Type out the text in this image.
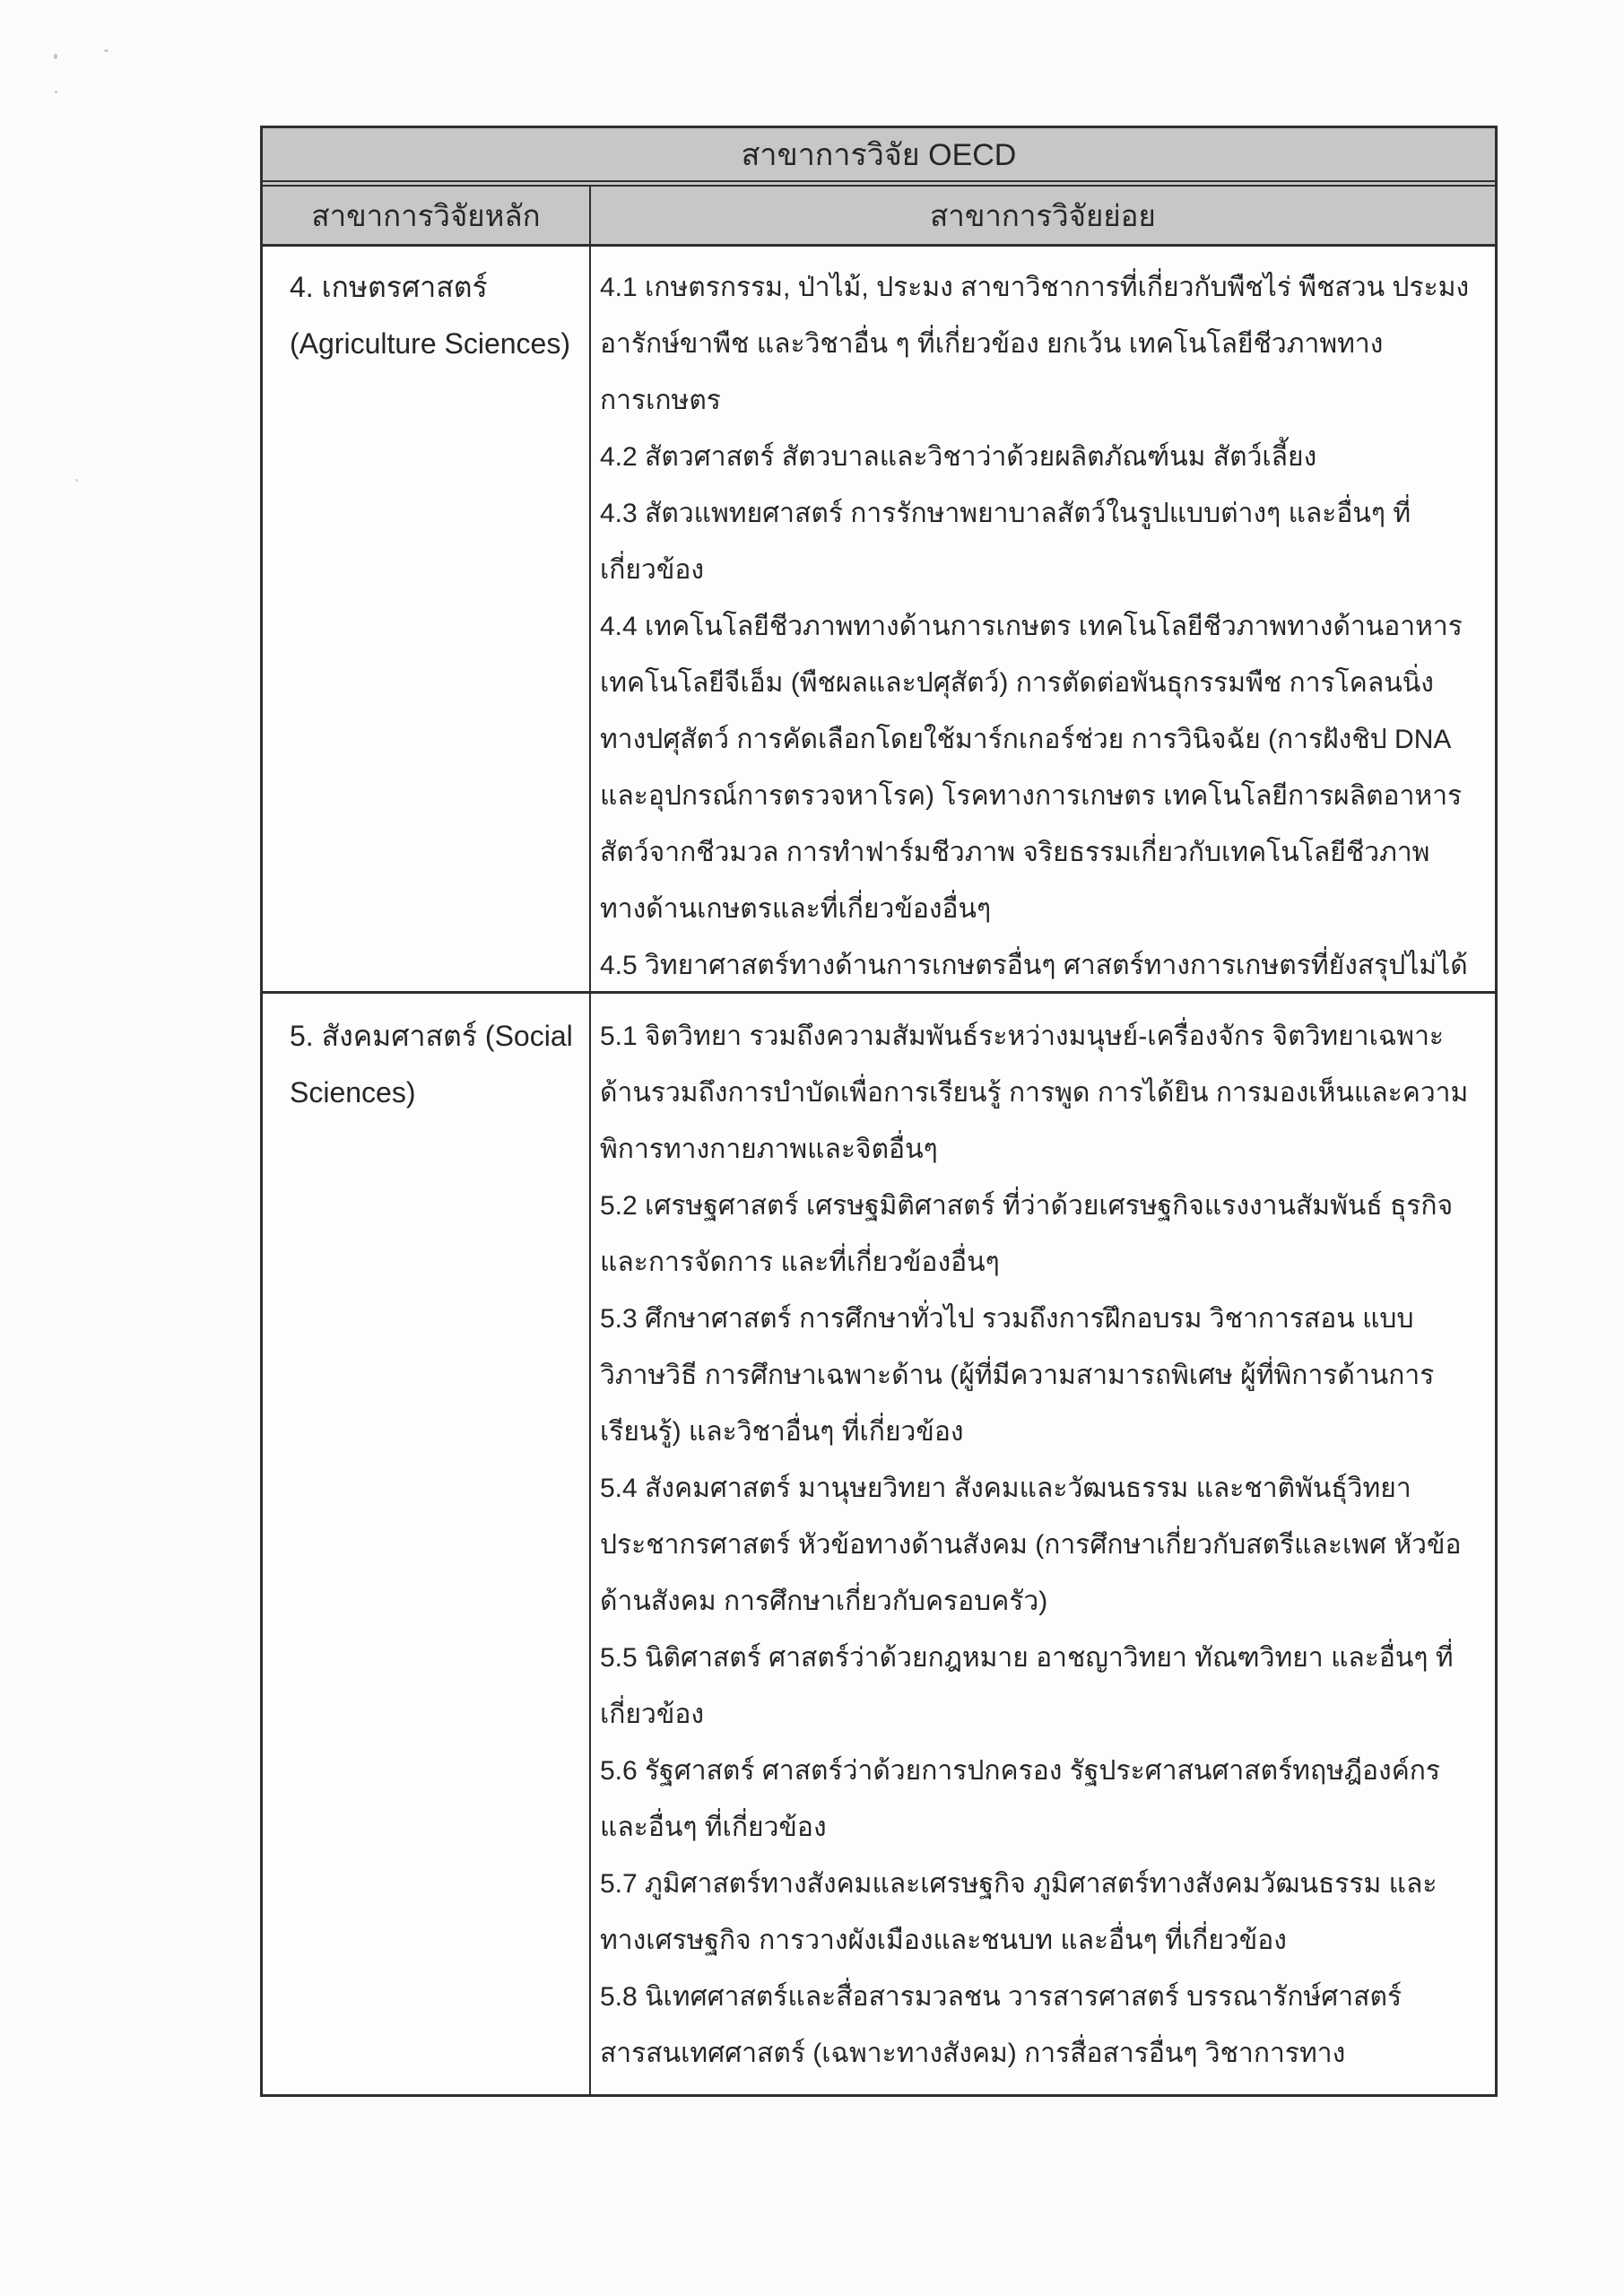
สาขาการวิจัย OECD
สาขาการวิจัยหลัก	สาขาการวิจัยย่อย
4. เกษตรศาสตร์
(Agriculture Sciences)
4.1 เกษตรกรรม, ป่าไม้, ประมง สาขาวิชาการที่เกี่ยวกับพืชไร่ พืชสวน ประมง
อารักษ์ขาพืช และวิชาอื่น ๆ ที่เกี่ยวข้อง ยกเว้น เทคโนโลยีชีวภาพทาง
การเกษตร
4.2 สัตวศาสตร์ สัตวบาลและวิชาว่าด้วยผลิตภัณฑ์นม สัตว์เลี้ยง
4.3 สัตวแพทยศาสตร์ การรักษาพยาบาลสัตว์ในรูปแบบต่างๆ และอื่นๆ ที่
เกี่ยวข้อง
4.4 เทคโนโลยีชีวภาพทางด้านการเกษตร เทคโนโลยีชีวภาพทางด้านอาหาร
เทคโนโลยีจีเอ็ม (พืชผลและปศุสัตว์) การตัดต่อพันธุกรรมพืช การโคลนนิ่ง
ทางปศุสัตว์ การคัดเลือกโดยใช้มาร์กเกอร์ช่วย การวินิจฉัย (การฝังชิป DNA
และอุปกรณ์การตรวจหาโรค) โรคทางการเกษตร เทคโนโลยีการผลิตอาหาร
สัตว์จากชีวมวล การทำฟาร์มชีวภาพ จริยธรรมเกี่ยวกับเทคโนโลยีชีวภาพ
ทางด้านเกษตรและที่เกี่ยวข้องอื่นๆ
4.5 วิทยาศาสตร์ทางด้านการเกษตรอื่นๆ ศาสตร์ทางการเกษตรที่ยังสรุปไม่ได้
5. สังคมศาสตร์ (Social
Sciences)
5.1 จิตวิทยา รวมถึงความสัมพันธ์ระหว่างมนุษย์-เครื่องจักร จิตวิทยาเฉพาะ
ด้านรวมถึงการบำบัดเพื่อการเรียนรู้ การพูด การได้ยิน การมองเห็นและความ
พิการทางกายภาพและจิตอื่นๆ
5.2 เศรษฐศาสตร์ เศรษฐมิติศาสตร์ ที่ว่าด้วยเศรษฐกิจแรงงานสัมพันธ์ ธุรกิจ
และการจัดการ และที่เกี่ยวข้องอื่นๆ
5.3 ศึกษาศาสตร์ การศึกษาทั่วไป รวมถึงการฝึกอบรม วิชาการสอน แบบ
วิภาษวิธี การศึกษาเฉพาะด้าน (ผู้ที่มีความสามารถพิเศษ ผู้ที่พิการด้านการ
เรียนรู้) และวิชาอื่นๆ ที่เกี่ยวข้อง
5.4 สังคมศาสตร์ มานุษยวิทยา สังคมและวัฒนธรรม และชาติพันธุ์วิทยา
ประชากรศาสตร์ หัวข้อทางด้านสังคม (การศึกษาเกี่ยวกับสตรีและเพศ หัวข้อ
ด้านสังคม การศึกษาเกี่ยวกับครอบครัว)
5.5 นิติศาสตร์ ศาสตร์ว่าด้วยกฎหมาย อาชญาวิทยา ทัณฑวิทยา และอื่นๆ ที่
เกี่ยวข้อง
5.6 รัฐศาสตร์ ศาสตร์ว่าด้วยการปกครอง รัฐประศาสนศาสตร์ทฤษฎีองค์กร
และอื่นๆ ที่เกี่ยวข้อง
5.7 ภูมิศาสตร์ทางสังคมและเศรษฐกิจ ภูมิศาสตร์ทางสังคมวัฒนธรรม และ
ทางเศรษฐกิจ การวางผังเมืองและชนบท และอื่นๆ ที่เกี่ยวข้อง
5.8 นิเทศศาสตร์และสื่อสารมวลชน วารสารศาสตร์ บรรณารักษ์ศาสตร์
สารสนเทศศาสตร์ (เฉพาะทางสังคม) การสื่อสารอื่นๆ วิชาการทาง
